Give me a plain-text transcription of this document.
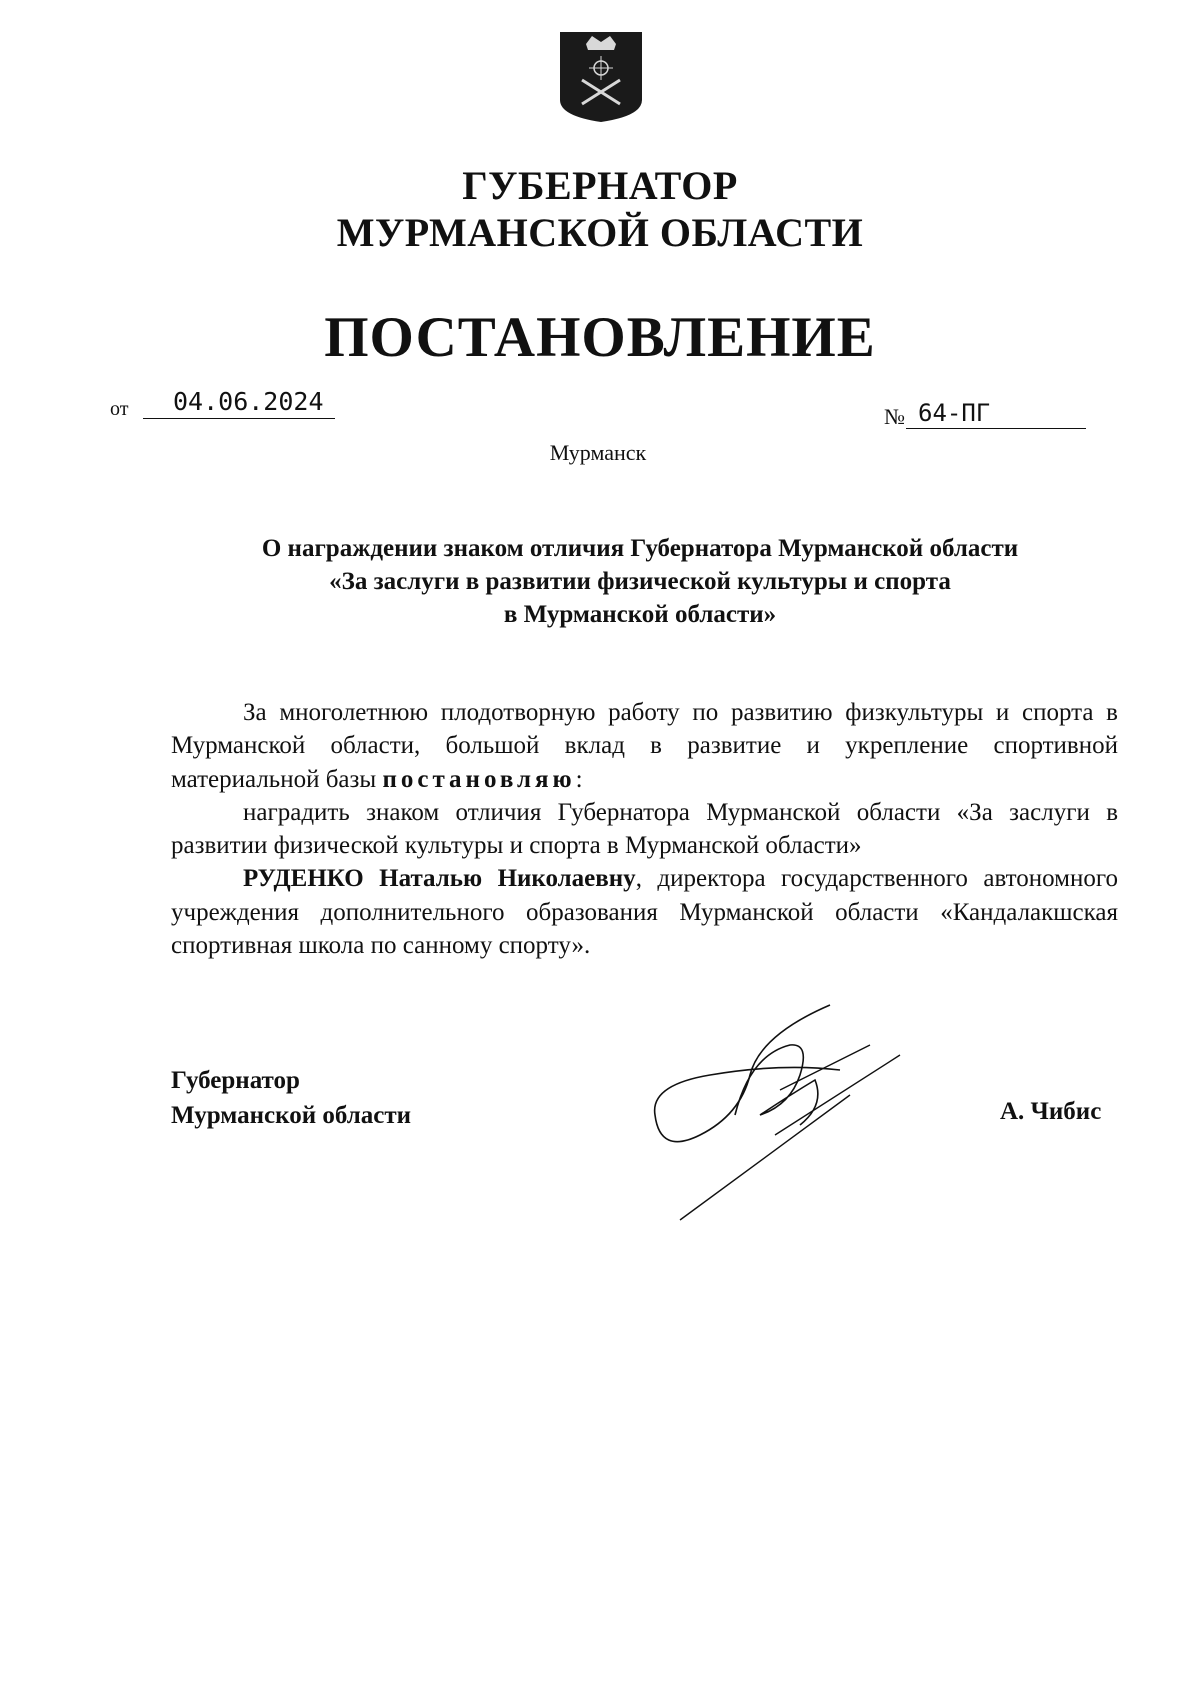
ГУБЕРНАТОР
МУРМАНСКОЙ ОБЛАСТИ
ПОСТАНОВЛЕНИЕ
от	04.06.2024
№ 64-ПГ
Мурманск
О награждении знаком отличия Губернатора Мурманской области
«За заслуги в развитии физической культуры и спорта
в Мурманской области»

За многолетнюю плодотворную работу по развитию физкультуры и спорта в Мурманской области, большой вклад в развитие и укрепление спортивной материальной базы постановляю:

наградить знаком отличия Губернатора Мурманской области «За заслуги в развитии физической культуры и спорта в Мурманской области»

РУДЕНКО Наталью Николаевну, директора государственного автономного учреждения дополнительного образования Мурманской области «Кандалакшская спортивная школа по санному спорту».

Губернатор
Мурманской области	А. Чибис
